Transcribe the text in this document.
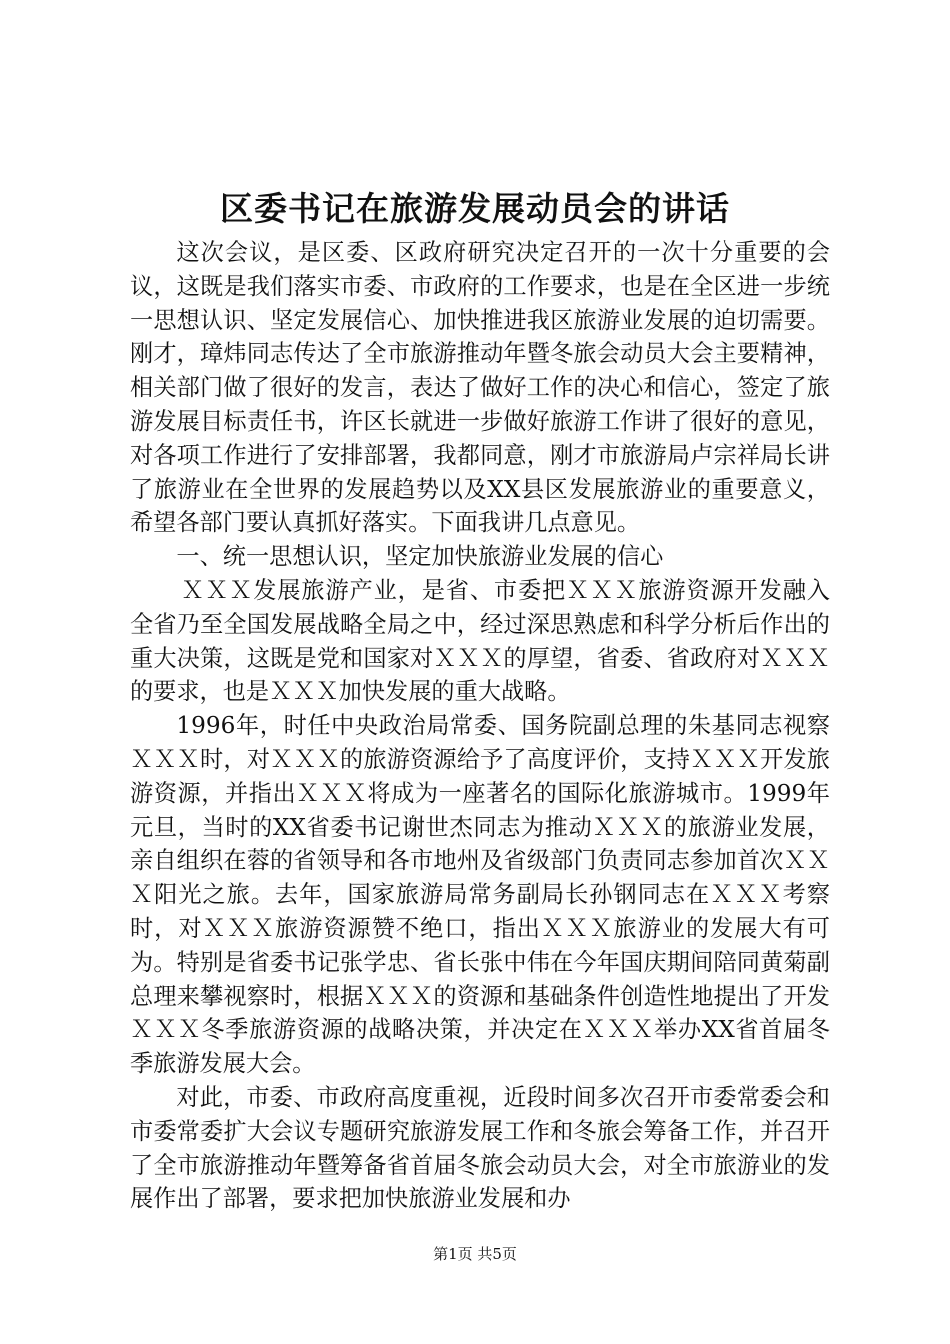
区委书记在旅游发展动员会的讲话

这次会议，是区委、区政府研究决定召开的一次十分重要的会议，这既是我们落实市委、市政府的工作要求，也是在全区进一步统一思想认识、坚定发展信心、加快推进我区旅游业发展的迫切需要。刚才，璋炜同志传达了全市旅游推动年暨冬旅会动员大会主要精神，相关部门做了很好的发言，表达了做好工作的决心和信心，签定了旅游发展目标责任书，许区长就进一步做好旅游工作讲了很好的意见，对各项工作进行了安排部署，我都同意，刚才市旅游局卢宗祥局长讲了旅游业在全世界的发展趋势以及XX县区发展旅游业的重要意义，希望各部门要认真抓好落实。下面我讲几点意见。

一、统一思想认识，坚定加快旅游业发展的信心

ＸＸＸ发展旅游产业，是省、市委把ＸＸＸ旅游资源开发融入全省乃至全国发展战略全局之中，经过深思熟虑和科学分析后作出的重大决策，这既是党和国家对ＸＸＸ的厚望，省委、省政府对ＸＸＸ的要求，也是ＸＸＸ加快发展的重大战略。

1996年，时任中央政治局常委、国务院副总理的朱基同志视察ＸＸＸ时，对ＸＸＸ的旅游资源给予了高度评价，支持ＸＸＸ开发旅游资源，并指出ＸＸＸ将成为一座著名的国际化旅游城市。1999年元旦，当时的XX省委书记谢世杰同志为推动ＸＸＸ的旅游业发展，亲自组织在蓉的省领导和各市地州及省级部门负责同志参加首次ＸＸＸ阳光之旅。去年，国家旅游局常务副局长孙钢同志在ＸＸＸ考察时，对ＸＸＸ旅游资源赞不绝口，指出ＸＸＸ旅游业的发展大有可为。特别是省委书记张学忠、省长张中伟在今年国庆期间陪同黄菊副总理来攀视察时，根据ＸＸＸ的资源和基础条件创造性地提出了开发ＸＸＸ冬季旅游资源的战略决策，并决定在ＸＸＸ举办XX省首届冬季旅游发展大会。

对此，市委、市政府高度重视，近段时间多次召开市委常委会和市委常委扩大会议专题研究旅游发展工作和冬旅会筹备工作，并召开了全市旅游推动年暨筹备省首届冬旅会动员大会，对全市旅游业的发展作出了部署，要求把加快旅游业发展和办

第1页 共5页
